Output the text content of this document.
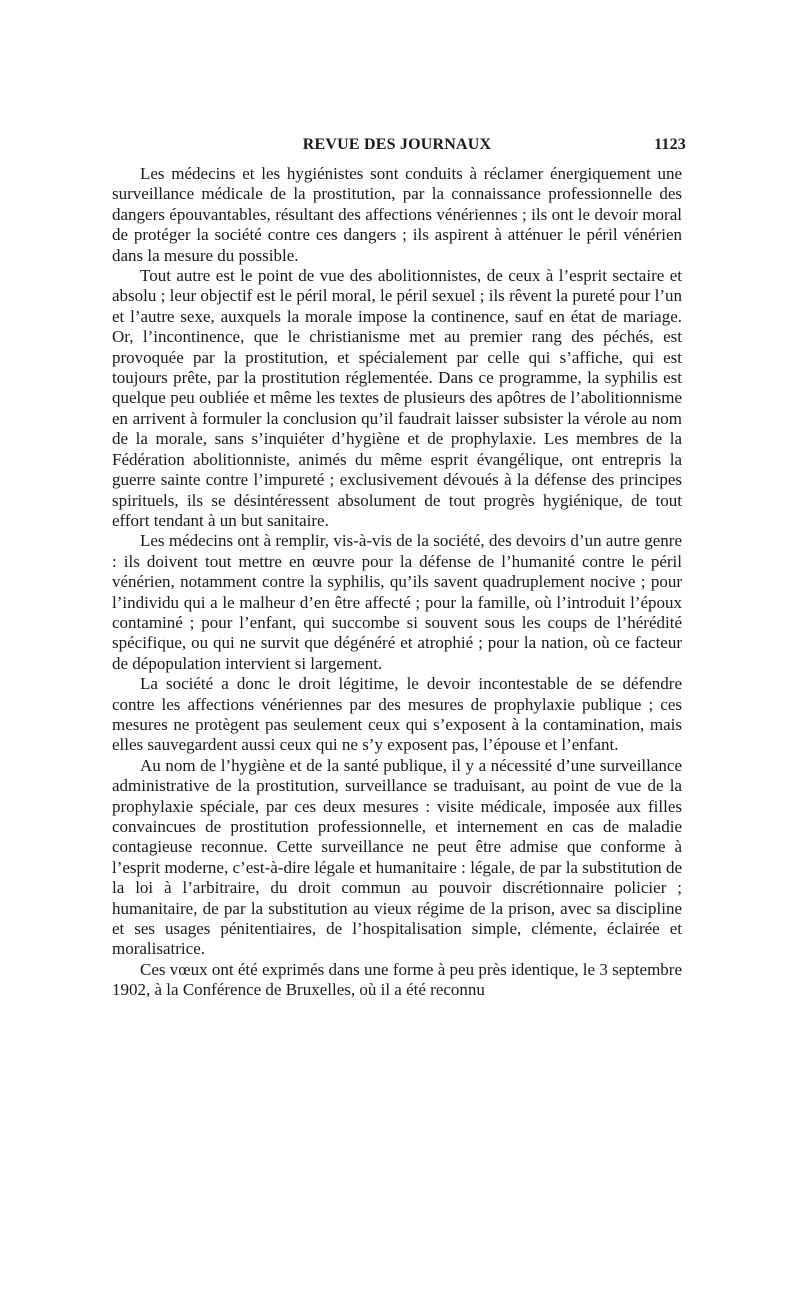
REVUE DES JOURNAUX	1123

Les médecins et les hygiénistes sont conduits à réclamer énergiquement une surveillance médicale de la prostitution, par la connaissance professionnelle des dangers épouvantables, résultant des affections vénériennes ; ils ont le devoir moral de protéger la société contre ces dangers ; ils aspirent à atténuer le péril vénérien dans la mesure du possible.

Tout autre est le point de vue des abolitionnistes, de ceux à l’esprit sectaire et absolu ; leur objectif est le péril moral, le péril sexuel ; ils rêvent la pureté pour l’un et l’autre sexe, auxquels la morale impose la continence, sauf en état de mariage. Or, l’incontinence, que le christianisme met au premier rang des péchés, est provoquée par la prostitution, et spécialement par celle qui s’affiche, qui est toujours prête, par la prostitution réglementée. Dans ce programme, la syphilis est quelque peu oubliée et même les textes de plusieurs des apôtres de l’abolitionnisme en arrivent à formuler la conclusion qu’il faudrait laisser subsister la vérole au nom de la morale, sans s’inquiéter d’hygiène et de prophylaxie. Les membres de la Fédération abolitionniste, animés du même esprit évangélique, ont entrepris la guerre sainte contre l’impureté ; exclusivement dévoués à la défense des principes spirituels, ils se désintéressent absolument de tout progrès hygiénique, de tout effort tendant à un but sanitaire.

Les médecins ont à remplir, vis-à-vis de la société, des devoirs d’un autre genre : ils doivent tout mettre en œuvre pour la défense de l’humanité contre le péril vénérien, notamment contre la syphilis, qu’ils savent quadruplement nocive ; pour l’individu qui a le malheur d’en être affecté ; pour la famille, où l’introduit l’époux contaminé ; pour l’enfant, qui succombe si souvent sous les coups de l’hérédité spécifique, ou qui ne survit que dégénéré et atrophié ; pour la nation, où ce facteur de dépopulation intervient si largement.

La société a donc le droit légitime, le devoir incontestable de se défendre contre les affections vénériennes par des mesures de prophylaxie publique ; ces mesures ne protègent pas seulement ceux qui s’exposent à la contamination, mais elles sauvegardent aussi ceux qui ne s’y exposent pas, l’épouse et l’enfant.

Au nom de l’hygiène et de la santé publique, il y a nécessité d’une surveillance administrative de la prostitution, surveillance se traduisant, au point de vue de la prophylaxie spéciale, par ces deux mesures : visite médicale, imposée aux filles convaincues de prostitution professionnelle, et internement en cas de maladie contagieuse reconnue. Cette surveillance ne peut être admise que conforme à l’esprit moderne, c’est-à-dire légale et humanitaire : légale, de par la substitution de la loi à l’arbitraire, du droit commun au pouvoir discrétionnaire policier ; humanitaire, de par la substitution au vieux régime de la prison, avec sa discipline et ses usages pénitentiaires, de l’hospitalisation simple, clémente, éclairée et moralisatrice.

Ces vœux ont été exprimés dans une forme à peu près identique, le 3 septembre 1902, à la Conférence de Bruxelles, où il a été reconnu
